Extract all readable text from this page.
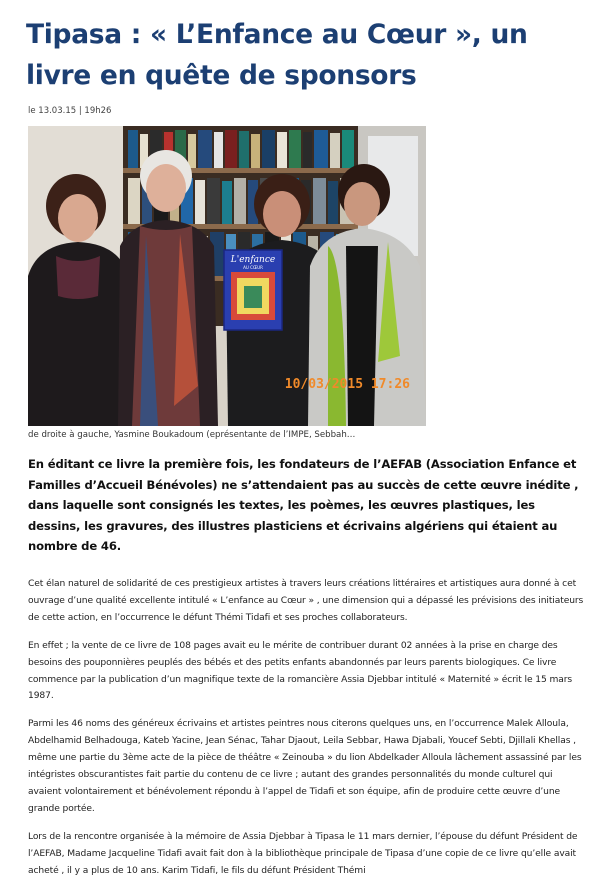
Tipasa : « L’Enfance au Cœur », un livre en quête de sponsors
le 13.03.15 | 19h26
L'enfance
AU CŒUR
10/03/2015 17:26
de droite à gauche, Yasmine Boukadoum (eprésentante de l’IMPE, Sebbah…

En éditant ce livre la première fois, les fondateurs de l’AEFAB (Association Enfance et Familles d’Accueil Bénévoles) ne s’attendaient pas au succès de cette œuvre inédite , dans laquelle sont consignés les textes, les poèmes, les œuvres plastiques, les dessins, les gravures, des illustres plasticiens et écrivains algériens qui étaient au nombre de 46.

Cet élan naturel de solidarité de ces prestigieux artistes à travers leurs créations littéraires et artistiques aura donné à cet ouvrage d’une qualité excellente intitulé « L’enfance au Cœur » , une dimension qui a dépassé les prévisions des initiateurs de cette action, en l’occurrence le défunt Thémi Tidafi et ses proches collaborateurs.

En effet ; la vente de ce livre de 108 pages avait eu le mérite de contribuer durant 02 années à la prise en charge des besoins des pouponnières peuplés des bébés et des petits enfants abandonnés par leurs parents biologiques. Ce livre commence par la publication d’un magnifique texte de la romancière Assia Djebbar intitulé « Maternité » écrit le 15 mars 1987.

Parmi les 46 noms des généreux écrivains et artistes peintres nous citerons quelques uns, en l’occurrence Malek Alloula, Abdelhamid Belhadouga, Kateb Yacine, Jean Sénac, Tahar Djaout, Leila Sebbar, Hawa Djabali, Youcef Sebti, Djillali Khellas , même une partie du 3ème acte de la pièce de théâtre « Zeinouba » du lion Abdelkader Alloula lâchement assassiné par les intégristes obscurantistes fait partie du contenu de ce livre ; autant des grandes personnalités du monde culturel qui avaient volontairement et bénévolement répondu à l’appel de Tidafi et son équipe, afin de produire cette œuvre d’une grande portée.

Lors de la rencontre organisée à la mémoire de Assia Djebbar à Tipasa le 11 mars dernier, l’épouse du défunt Président de l’AEFAB, Madame Jacqueline Tidafi avait fait don à la bibliothèque principale de Tipasa d’une copie de ce livre qu’elle avait acheté , il y a plus de 10 ans. Karim Tidafi, le fils du défunt Président Thémi
